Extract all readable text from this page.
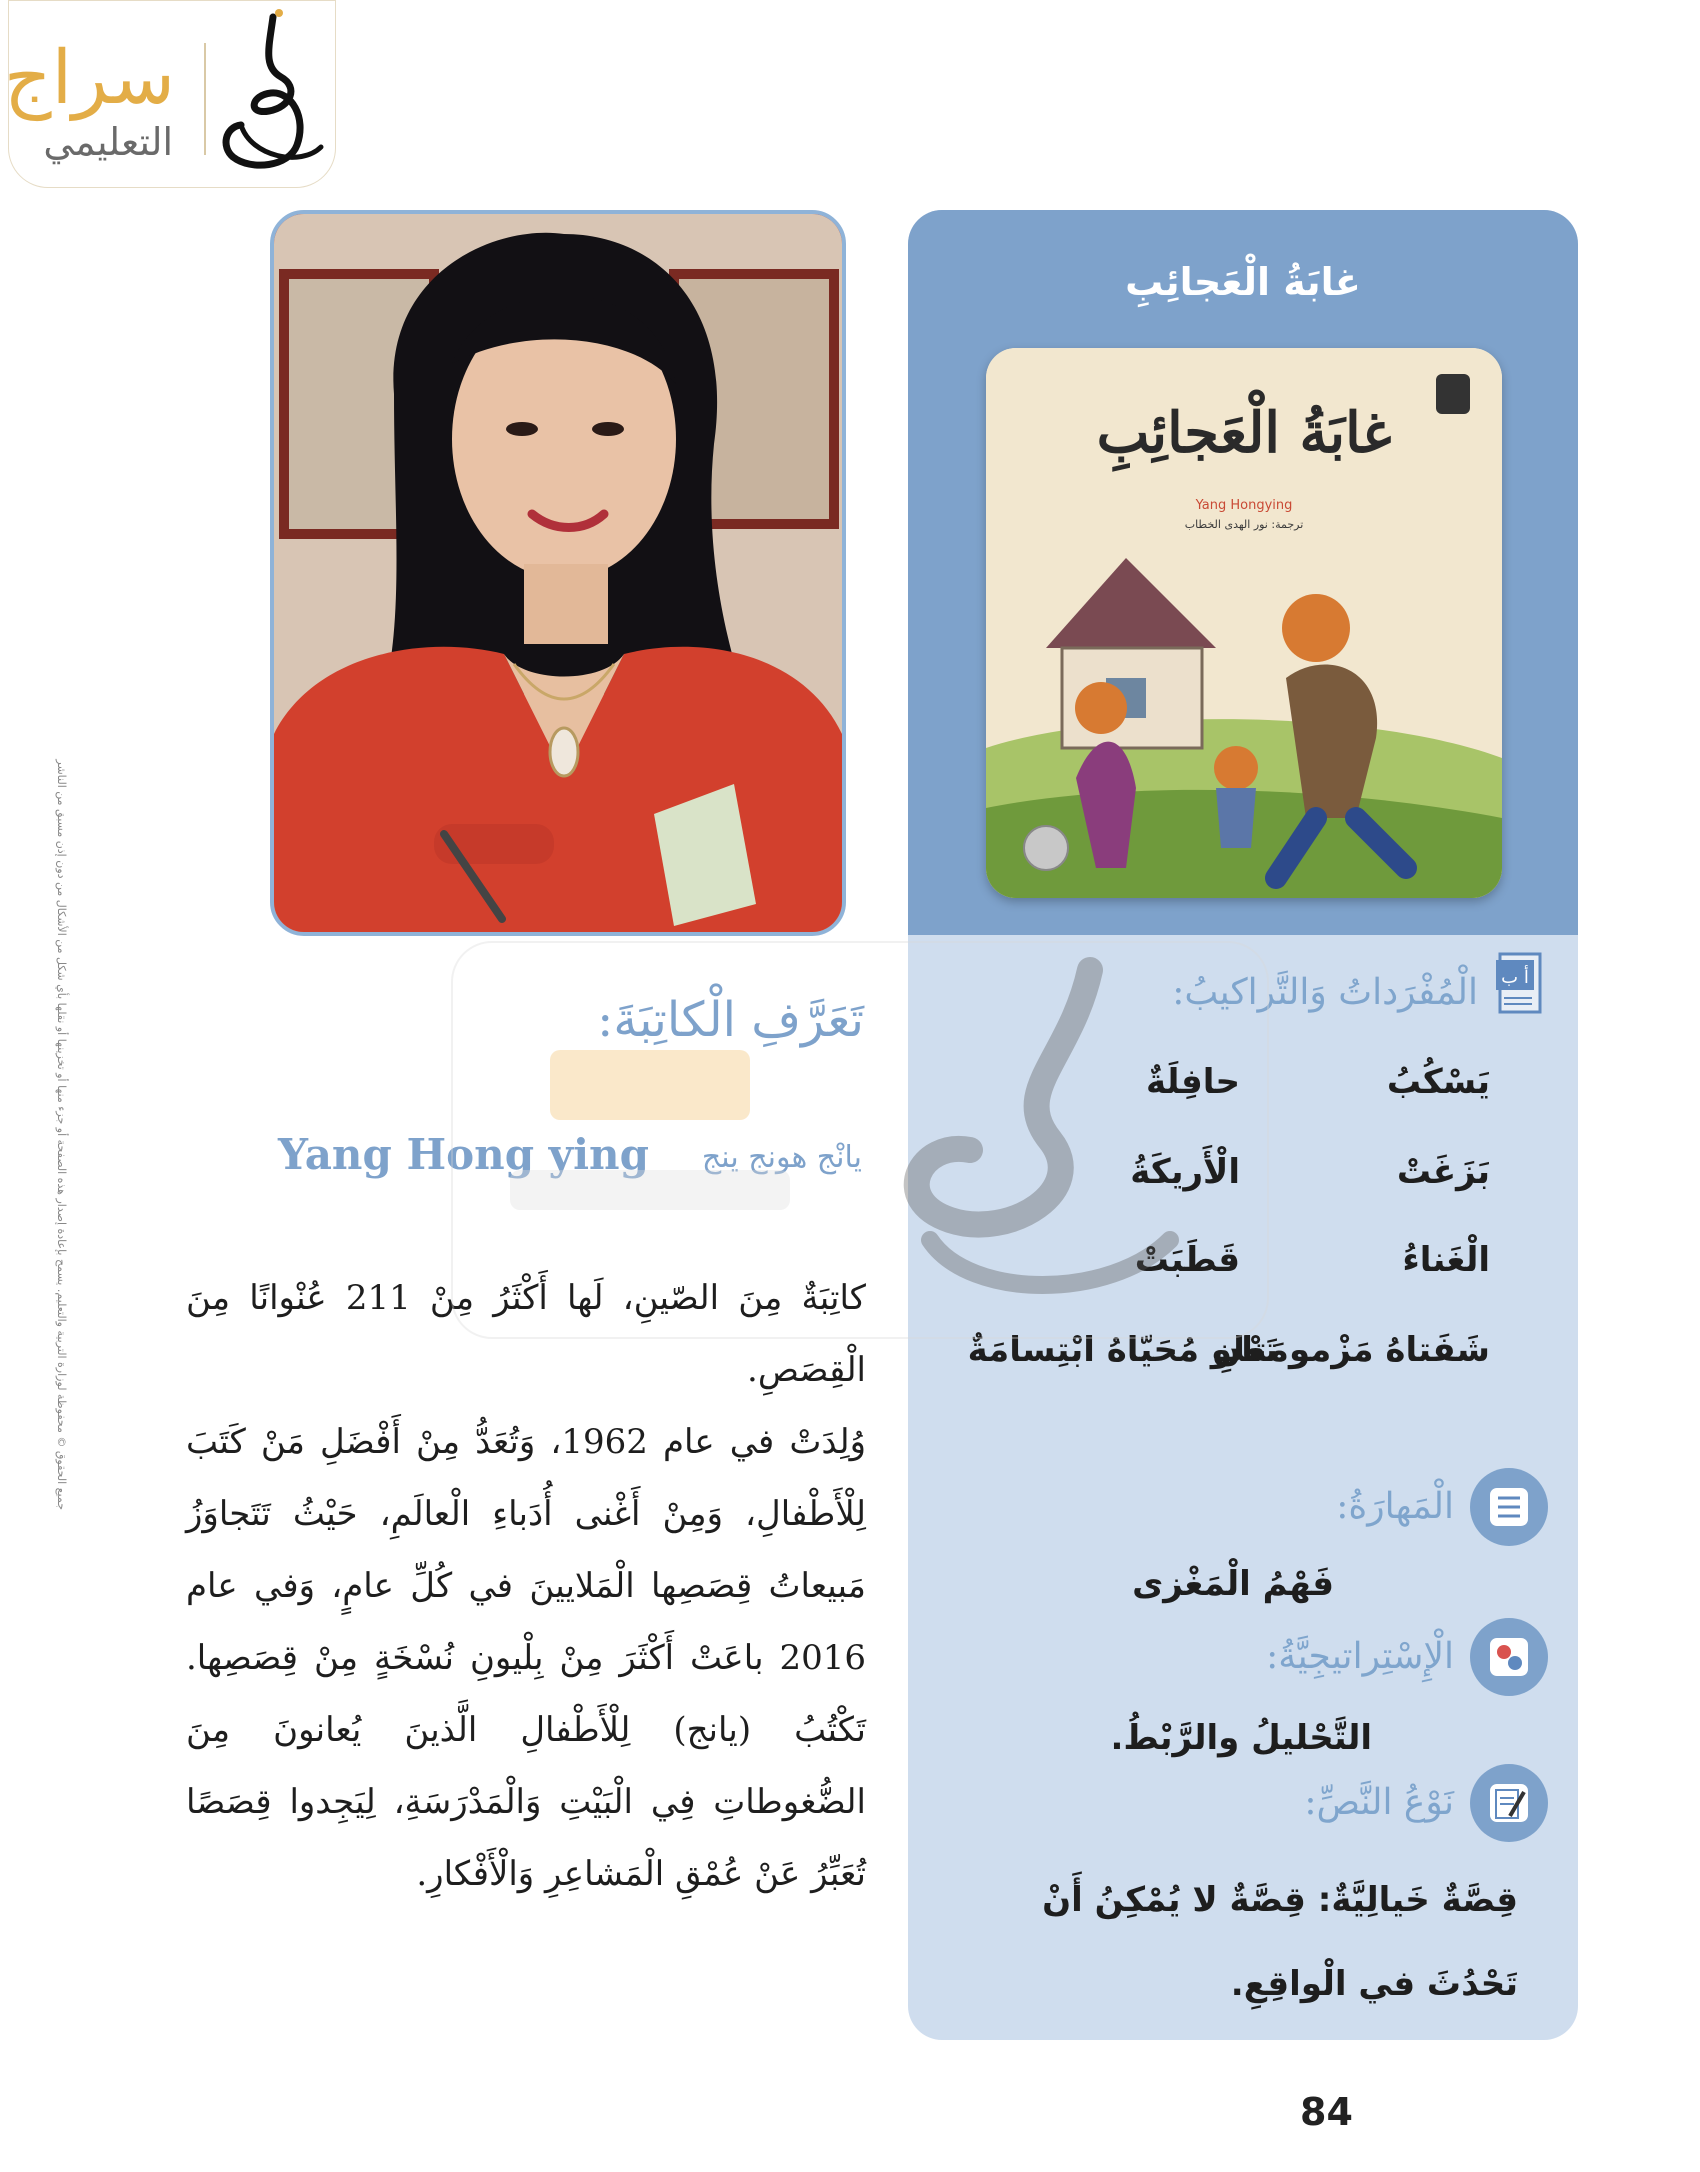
سراج
التعليمي
جميع الحقوق © محفوظة لوزارة التربية والتعليم. يسمح بإعادة إصدار هذه الصفحة أو جزء منها أو تخزينها أو نقلها بأي شكل من الأشكال من دون إذن مسبق من الناشر
غابَةُ الْعَجائِبِ
غابَةُ الْعَجائِبِ
Yang Hongying
ترجمة: نور الهدى الخطاب
أ ب
الْمُفْرَداتُ وَالتَّراكيبُ:
يَسْكُبُ
حافِلَةٌ
بَزَغَتْ
الْأَريكَةُ
الْغَناءُ
قَطَبَتْ
شَفَتاهُ مَزْمومَتانِ
تَعْلو مُحَيّاهُ ابْتِسامَةٌ
الْمَهارَةُ:
فَهْمُ الْمَغْزى
الْإِسْتِراتيجِيَّةُ:
التَّحْليلُ والرَّبْطُ.
نَوْعُ النَّصِّ:
قِصَّةٌ خَيالِيَّةٌ: قِصَّةٌ لا يُمْكِنُ أَنْ تَحْدُثَ في الْواقِعِ.
تَعَرَّفِ الْكاتِبَةَ:
يانْج هونج ينج
Yang Hong ying
كاتِبَةٌ مِنَ الصّينِ، لَها أَكْثَرُ مِنْ 211 عُنْوانًا مِنَ الْقِصَصِ.
وُلِدَتْ في عام 1962، وَتُعَدُّ مِنْ أَفْضَلِ مَنْ كَتَبَ لِلْأَطْفالِ، وَمِنْ أَغْنى أُدَباءِ الْعالَمِ، حَيْثُ تَتَجاوَزُ مَبيعاتُ قِصَصِها الْمَلايينَ في كُلِّ عامٍ، وَفي عام 2016 باعَتْ أَكْثَرَ مِنْ بِلْيونِ نُسْخَةٍ مِنْ قِصَصِها. تَكْتُبُ (يانج) لِلْأَطْفالِ الَّذينَ يُعانونَ مِنَ الضُّغوطاتِ فِي الْبَيْتِ وَالْمَدْرَسَةِ، لِيَجِدوا قِصَصًا تُعَبِّرُ عَنْ عُمْقِ الْمَشاعِرِ وَالْأَفْكارِ.
84
